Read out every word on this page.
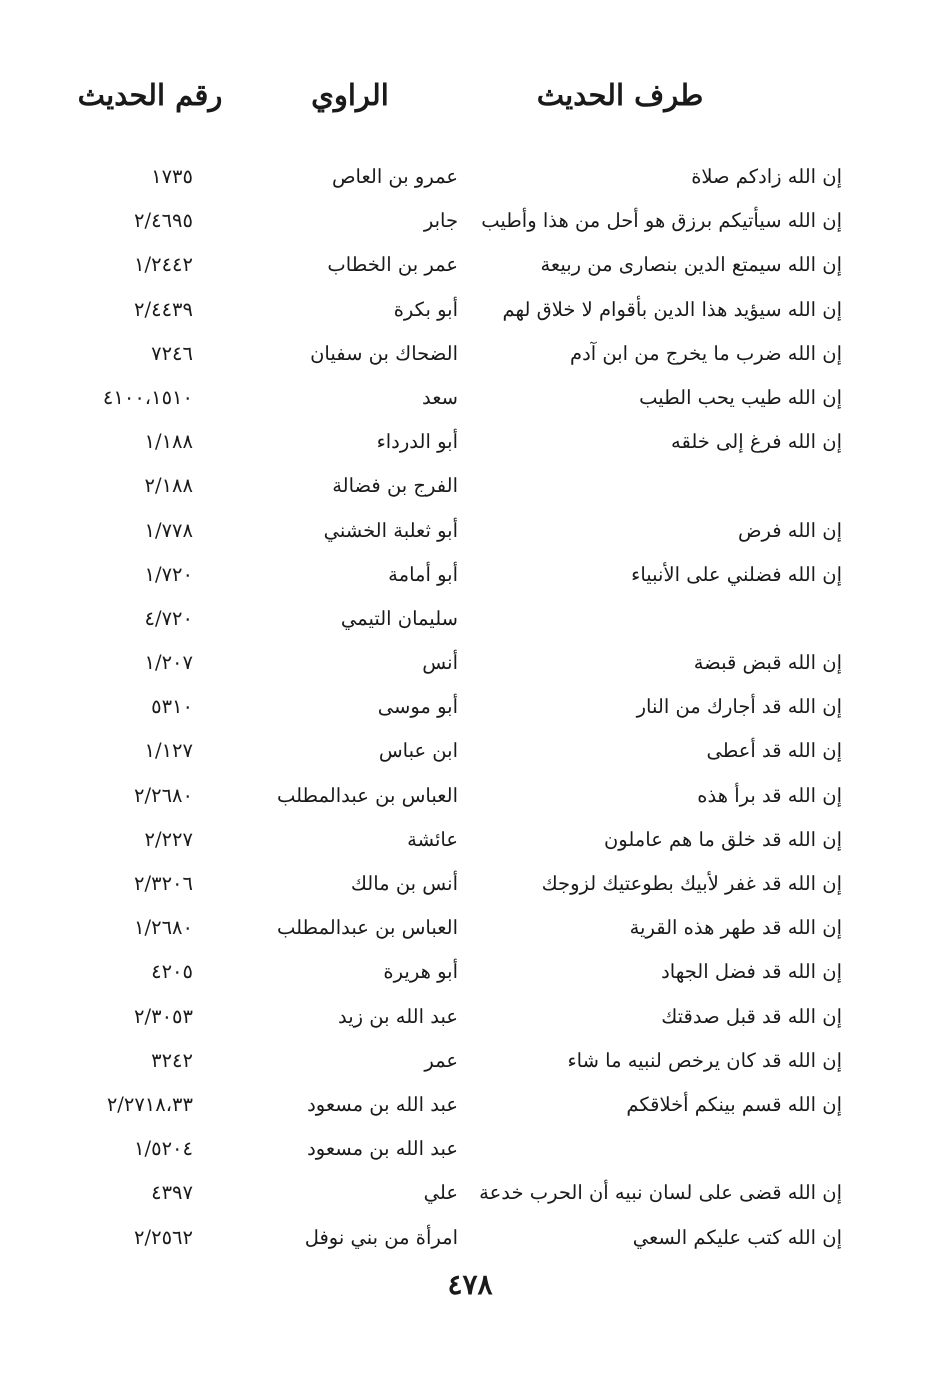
طرف الحديث
الراوي
رقم الحديث
إن الله زادكم صلاة
عمرو بن العاص
١٧٣٥
إن الله سيأتيكم برزق هو أحل من هذا وأطيب
جابر
٢/٤٦٩٥
إن الله سيمتع الدين بنصارى من ربيعة
عمر بن الخطاب
١/٢٤٤٢
إن الله سيؤيد هذا الدين بأقوام لا خلاق لهم
أبو بكرة
٢/٤٤٣٩
إن الله ضرب ما يخرج من ابن آدم
الضحاك بن سفيان
٧٢٤٦
إن الله طيب يحب الطيب
سعد
٤١٠٠،١٥١٠
إن الله فرغ إلى خلقه
أبو الدرداء
١/١٨٨
الفرج بن فضالة
٢/١٨٨
إن الله فرض
أبو ثعلبة الخشني
١/٧٧٨
إن الله فضلني على الأنبياء
أبو أمامة
١/٧٢٠
سليمان التيمي
٤/٧٢٠
إن الله قبض قبضة
أنس
١/٢٠٧
إن الله قد أجارك من النار
أبو موسى
٥٣١٠
إن الله قد أعطى
ابن عباس
١/١٢٧
إن الله قد برأ هذه
العباس بن عبدالمطلب
٢/٢٦٨٠
إن الله قد خلق ما هم عاملون
عائشة
٢/٢٢٧
إن الله قد غفر لأبيك بطوعتيك لزوجك
أنس بن مالك
٢/٣٢٠٦
إن الله قد طهر هذه القرية
العباس بن عبدالمطلب
١/٢٦٨٠
إن الله قد فضل الجهاد
أبو هريرة
٤٢٠٥
إن الله قد قبل صدقتك
عبد الله بن زيد
٢/٣٠٥٣
إن الله قد كان يرخص لنبيه ما شاء
عمر
٣٢٤٢
إن الله قسم بينكم أخلاقكم
عبد الله بن مسعود
٢/٢٧١٨،٣٣
عبد الله بن مسعود
١/٥٢٠٤
إن الله قضى على لسان نبيه أن الحرب خدعة
علي
٤٣٩٧
إن الله كتب عليكم السعي
امرأة من بني نوفل
٢/٢٥٦٢
٤٧٨
